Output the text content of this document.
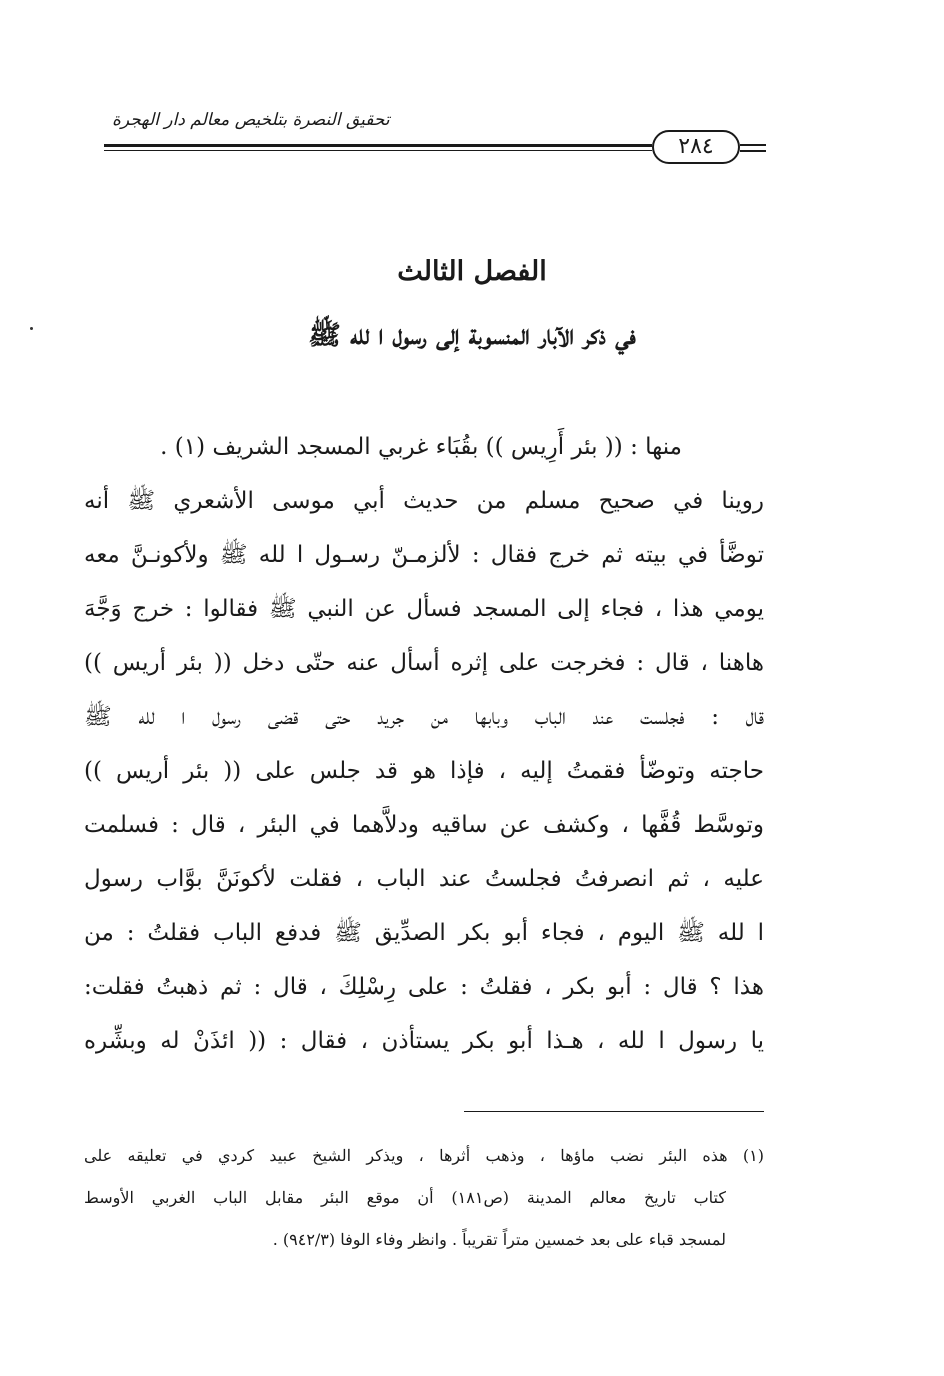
تحقيق النصرة بتلخيص معالم دار الهجرة
٢٨٤
الفصل الثالث
في ذكر الآبار المنسوبة إلى رسول ا لله ﷺ
منها : (( بئر أَرِيس )) بقُبَاء غربي المسجد الشريف (١) .
روينا في صحيح مسلم من حديث أبي موسى الأشعري ﷺ أنه
توضَّأ في بيته ثم خرج فقال : لألزمـنّ رسـول ا لله ﷺ ولأكونـنَّ معه
يومي هذا ، فجاء إلى المسجد فسأل عن النبي ﷺ فقالوا : خرج وَجَّهَ
هاهنا ، قال : فخرجت على إثره أسأل عنه حتّى دخل (( بئر أريس ))
قال : فجلست عند الباب وبابها من جريد حتى قضى رسول ا لله ﷺ
حاجته وتوضّأ فقمتُ إليه ، فإذا هو قد جلس على (( بئر أريس ))
وتوسَّط قُفَّها ، وكشف عن ساقيه ودلاَّهما في البئر ، قال : فسلمت
عليه ، ثم انصرفتُ فجلستُ عند الباب ، فقلت لأكونَنَّ بوَّاب رسول
ا لله ﷺ اليوم ، فجاء أبو بكر الصدِّيق ﷺ فدفع الباب فقلتُ : من
هذا ؟ قال : أبو بكر ، فقلتُ : على رِسْلِكَ ، قال : ثم ذهبتُ فقلت:
يا رسول ا لله ، هـذا أبو بكر يستأذن ، فقال : (( ائذَنْ له وبشِّره
(١) هذه البئر نضب ماؤها ، وذهب أثرها ، ويذكر الشيخ عبيد كردي في تعليقه على
كتاب تاريخ معالم المدينة (ص١٨١) أن موقع البئر مقابل الباب الغربي الأوسط
لمسجد قباء على بعد خمسين متراً تقريباً . وانظر وفاء الوفا (٩٤٢/٣) .
